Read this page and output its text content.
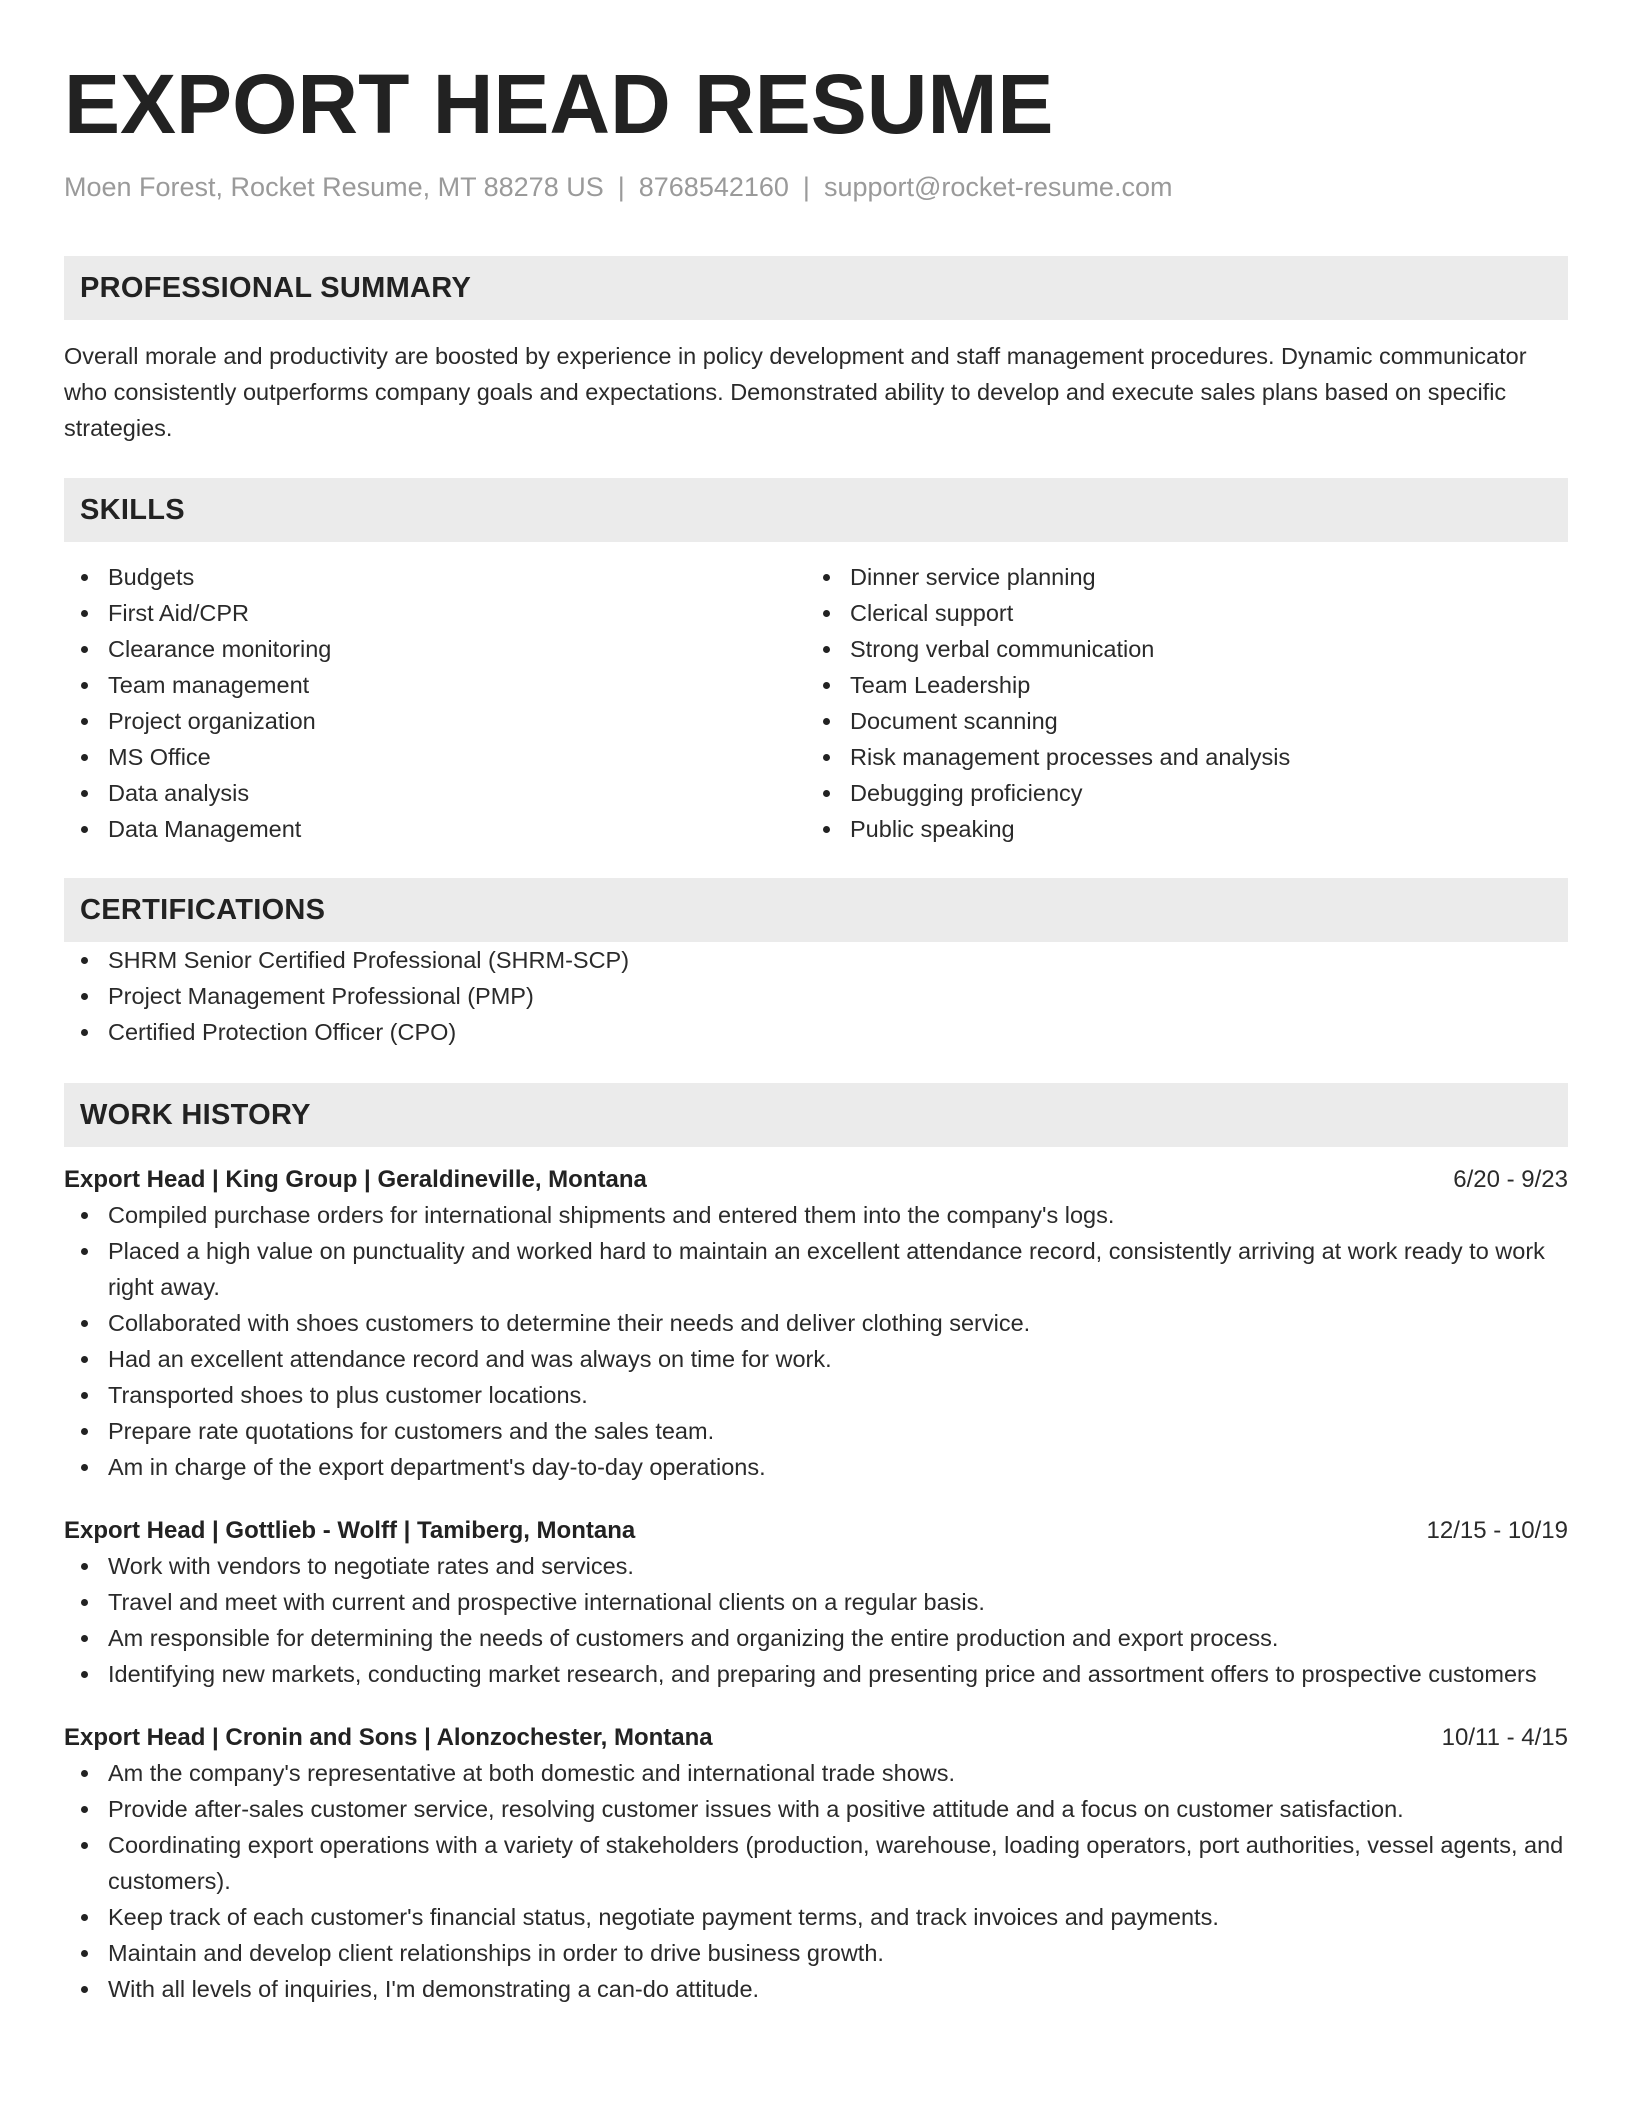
EXPORT HEAD RESUME
Moen Forest, Rocket Resume, MT 88278 US | 8768542160 | support@rocket-resume.com
PROFESSIONAL SUMMARY

Overall morale and productivity are boosted by experience in policy development and staff management procedures. Dynamic communicator who consistently outperforms company goals and expectations. Demonstrated ability to develop and execute sales plans based on specific strategies.

SKILLS
Budgets
First Aid/CPR
Clearance monitoring
Team management
Project organization
MS Office
Data analysis
Data Management
Dinner service planning
Clerical support
Strong verbal communication
Team Leadership
Document scanning
Risk management processes and analysis
Debugging proficiency
Public speaking
CERTIFICATIONS
SHRM Senior Certified Professional (SHRM-SCP)
Project Management Professional (PMP)
Certified Protection Officer (CPO)
WORK HISTORY
Export Head | King Group | Geraldineville, Montana	6/20 - 9/23
Compiled purchase orders for international shipments and entered them into the company's logs.
Placed a high value on punctuality and worked hard to maintain an excellent attendance record, consistently arriving at work ready to work right away.
Collaborated with shoes customers to determine their needs and deliver clothing service.
Had an excellent attendance record and was always on time for work.
Transported shoes to plus customer locations.
Prepare rate quotations for customers and the sales team.
Am in charge of the export department's day-to-day operations.
Export Head | Gottlieb - Wolff | Tamiberg, Montana	12/15 - 10/19
Work with vendors to negotiate rates and services.
Travel and meet with current and prospective international clients on a regular basis.
Am responsible for determining the needs of customers and organizing the entire production and export process.
Identifying new markets, conducting market research, and preparing and presenting price and assortment offers to prospective customers
Export Head | Cronin and Sons | Alonzochester, Montana	10/11 - 4/15
Am the company's representative at both domestic and international trade shows.
Provide after-sales customer service, resolving customer issues with a positive attitude and a focus on customer satisfaction.
Coordinating export operations with a variety of stakeholders (production, warehouse, loading operators, port authorities, vessel agents, and customers).
Keep track of each customer's financial status, negotiate payment terms, and track invoices and payments.
Maintain and develop client relationships in order to drive business growth.
With all levels of inquiries, I'm demonstrating a can-do attitude.
